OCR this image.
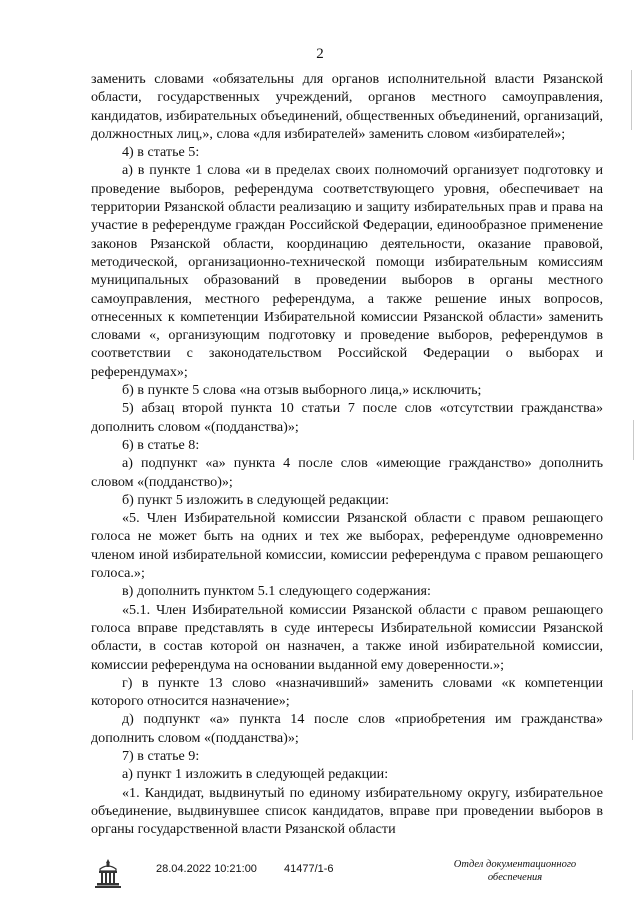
2

заменить словами «обязательны для органов исполнительной власти Рязанской области, государственных учреждений, органов местного самоуправления, кандидатов, избирательных объединений, общественных объединений, организаций, должностных лиц,», слова «для избирателей» заменить словом «избирателей»;

4) в статье 5:

а) в пункте 1 слова «и в пределах своих полномочий организует подготовку и проведение выборов, референдума соответствующего уровня, обеспечивает на территории Рязанской области реализацию и защиту избирательных прав и права на участие в референдуме граждан Российской Федерации, единообразное применение законов Рязанской области, координацию деятельности, оказание правовой, методической, организационно-технической помощи избирательным комиссиям муниципальных образований в проведении выборов в органы местного самоуправления, местного референдума, а также решение иных вопросов, отнесенных к компетенции Избирательной комиссии Рязанской области» заменить словами «, организующим подготовку и проведение выборов, референдумов в соответствии с законодательством Российской Федерации о выборах и референдумах»;

б) в пункте 5 слова «на отзыв выборного лица,» исключить;

5) абзац второй пункта 10 статьи 7 после слов «отсутствии гражданства» дополнить словом «(подданства)»;

6) в статье 8:

а) подпункт «а» пункта 4 после слов «имеющие гражданство» дополнить словом «(подданство)»;

б) пункт 5 изложить в следующей редакции:

«5. Член Избирательной комиссии Рязанской области с правом решающего голоса не может быть на одних и тех же выборах, референдуме одновременно членом иной избирательной комиссии, комиссии референдума с правом решающего голоса.»;

в) дополнить пунктом 5.1 следующего содержания:

«5.1. Член Избирательной комиссии Рязанской области с правом решающего голоса вправе представлять в суде интересы Избирательной комиссии Рязанской области, в состав которой он назначен, а также иной избирательной комиссии, комиссии референдума на основании выданной ему доверенности.»;

г) в пункте 13 слово «назначивший» заменить словами «к компетенции которого относится назначение»;

д) подпункт «а» пункта 14 после слов «приобретения им гражданства» дополнить словом «(подданства)»;

7) в статье 9:

а) пункт 1 изложить в следующей редакции:

«1. Кандидат, выдвинутый по единому избирательному округу, избирательное объединение, выдвинувшее список кандидатов, вправе при проведении выборов в органы государственной власти Рязанской области

28.04.2022 10:21:00 41477/1-6	Отдел документационного
обеспечения
